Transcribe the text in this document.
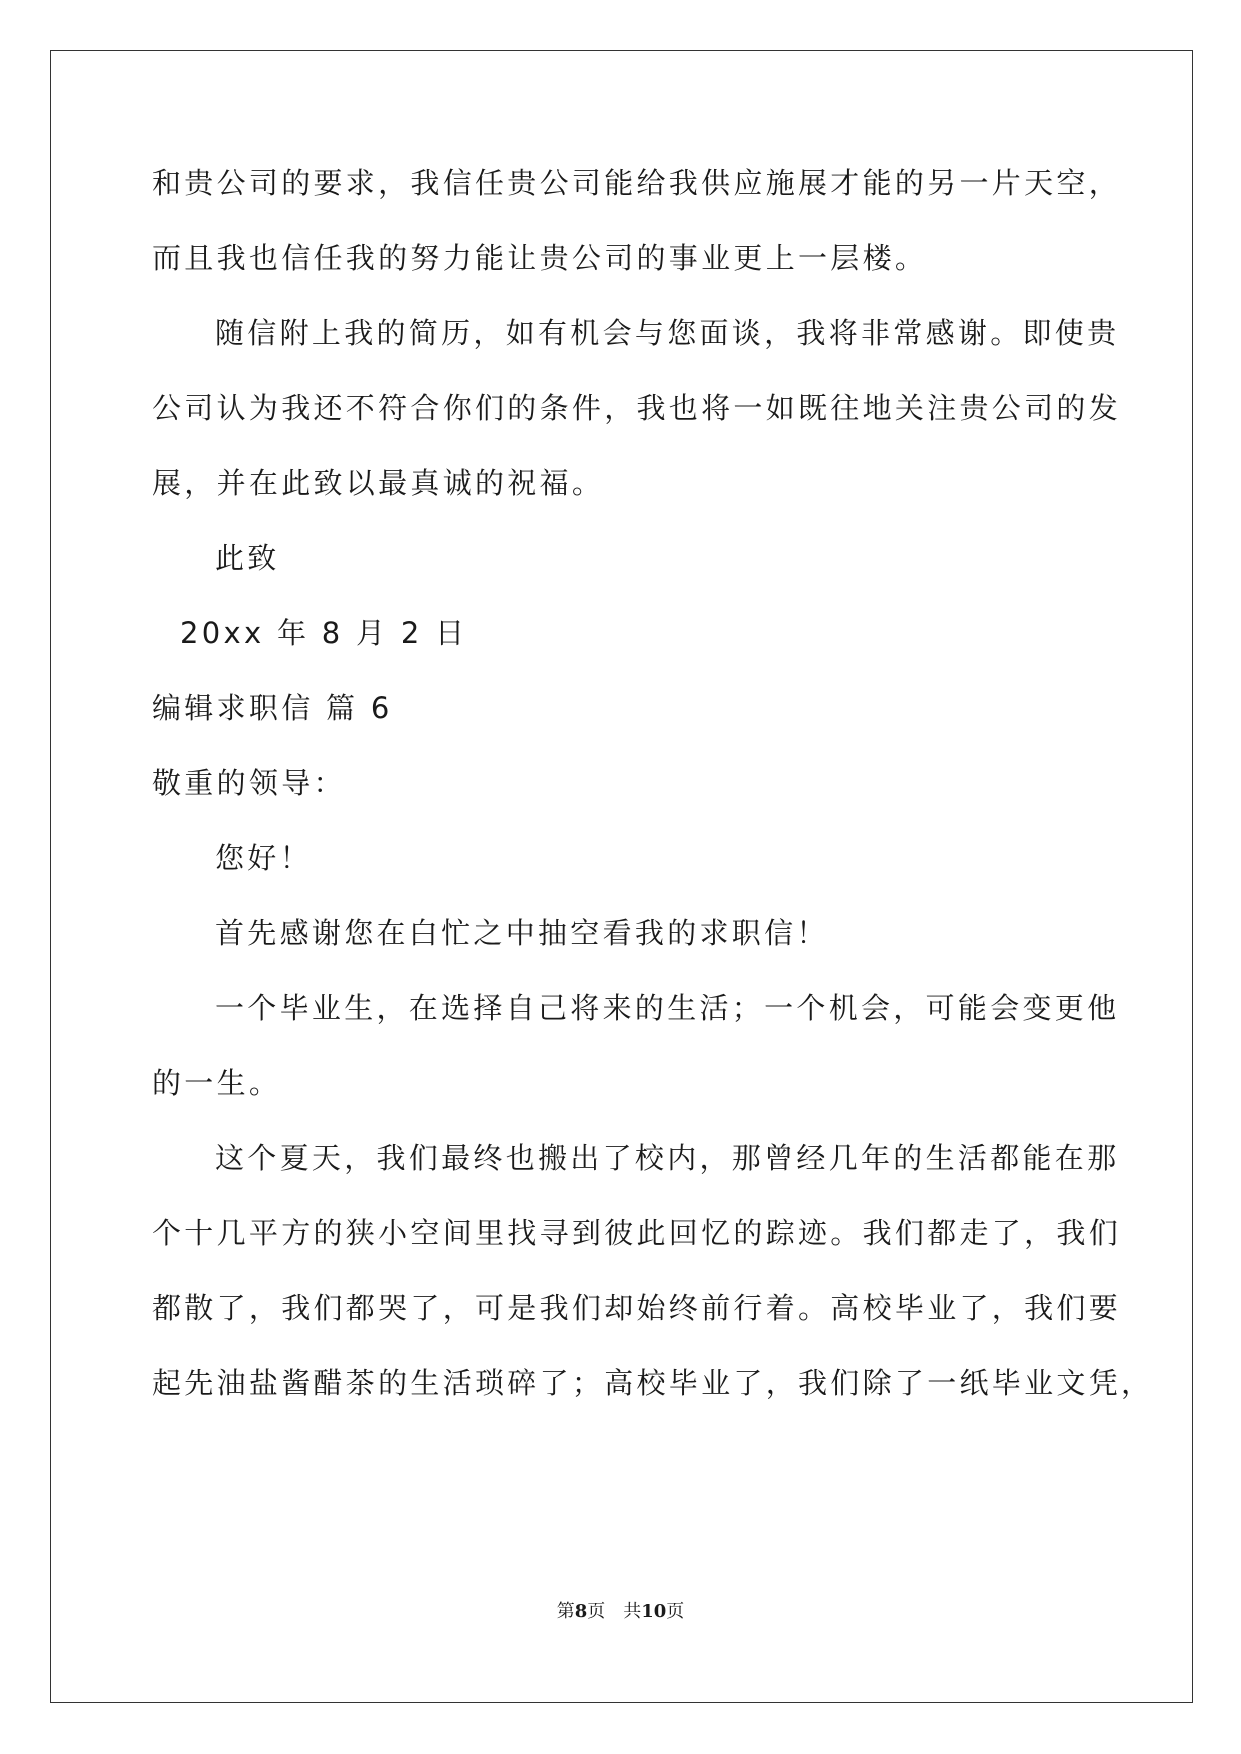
和贵公司的要求，我信任贵公司能给我供应施展才能的另一片天空，
而且我也信任我的努力能让贵公司的事业更上一层楼。
随信附上我的简历，如有机会与您面谈，我将非常感谢。即使贵
公司认为我还不符合你们的条件，我也将一如既往地关注贵公司的发
展，并在此致以最真诚的祝福。
此致
20xx 年 8 月 2 日
编辑求职信 篇 6
敬重的领导：
您好！
首先感谢您在白忙之中抽空看我的求职信！
一个毕业生，在选择自己将来的生活；一个机会，可能会变更他
的一生。
这个夏天，我们最终也搬出了校内，那曾经几年的生活都能在那
个十几平方的狭小空间里找寻到彼此回忆的踪迹。我们都走了，我们
都散了，我们都哭了，可是我们却始终前行着。高校毕业了，我们要
起先油盐酱醋茶的生活琐碎了；高校毕业了，我们除了一纸毕业文凭，
第8页 共10页
